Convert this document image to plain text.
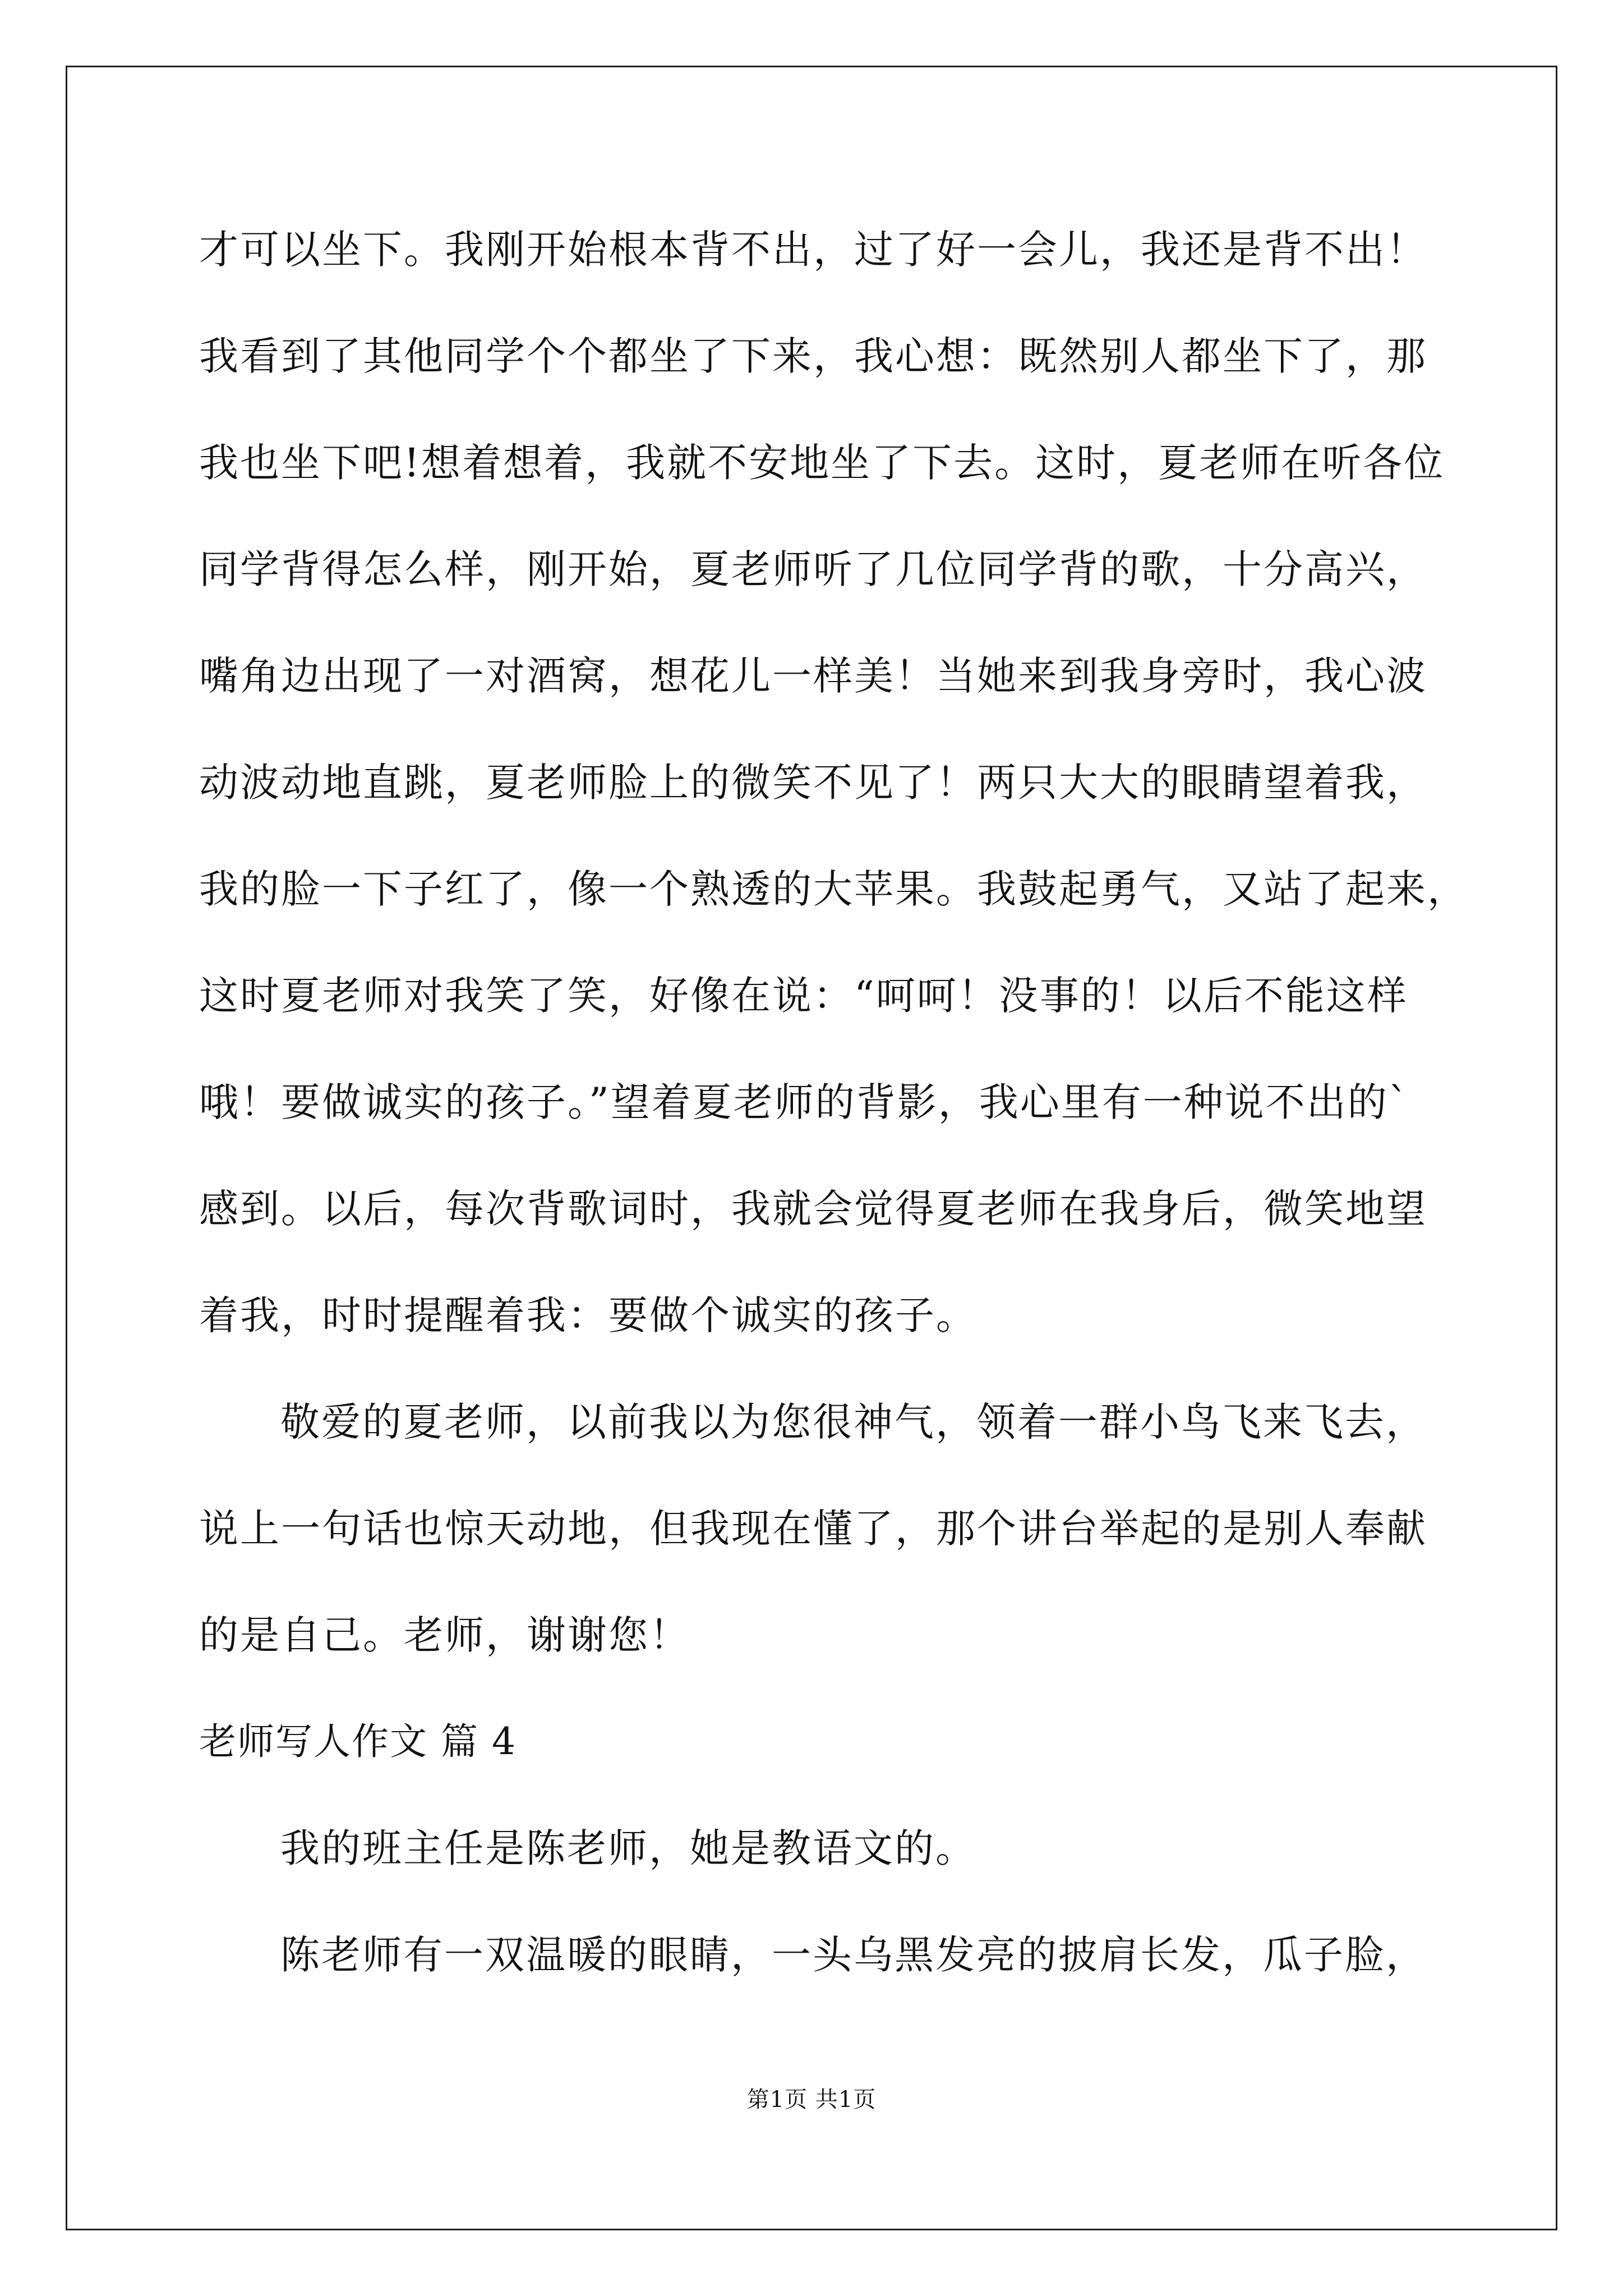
才可以坐下。我刚开始根本背不出，过了好一会儿，我还是背不出！
我看到了其他同学个个都坐了下来，我心想：既然别人都坐下了，那
我也坐下吧!想着想着，我就不安地坐了下去。这时，夏老师在听各位
同学背得怎么样，刚开始，夏老师听了几位同学背的歌，十分高兴，
嘴角边出现了一对酒窝，想花儿一样美！当她来到我身旁时，我心波
动波动地直跳，夏老师脸上的微笑不见了！两只大大的眼睛望着我，
我的脸一下子红了，像一个熟透的大苹果。我鼓起勇气，又站了起来，
这时夏老师对我笑了笑，好像在说：“呵呵！没事的！以后不能这样
哦！要做诚实的孩子。”望着夏老师的背影，我心里有一种说不出的`
感到。以后，每次背歌词时，我就会觉得夏老师在我身后，微笑地望
着我，时时提醒着我：要做个诚实的孩子。
敬爱的夏老师，以前我以为您很神气，领着一群小鸟飞来飞去，
说上一句话也惊天动地，但我现在懂了，那个讲台举起的是别人奉献
的是自己。老师，谢谢您！
老师写人作文 篇 4
我的班主任是陈老师，她是教语文的。
陈老师有一双温暖的眼睛，一头乌黑发亮的披肩长发，瓜子脸，
第1页 共1页
